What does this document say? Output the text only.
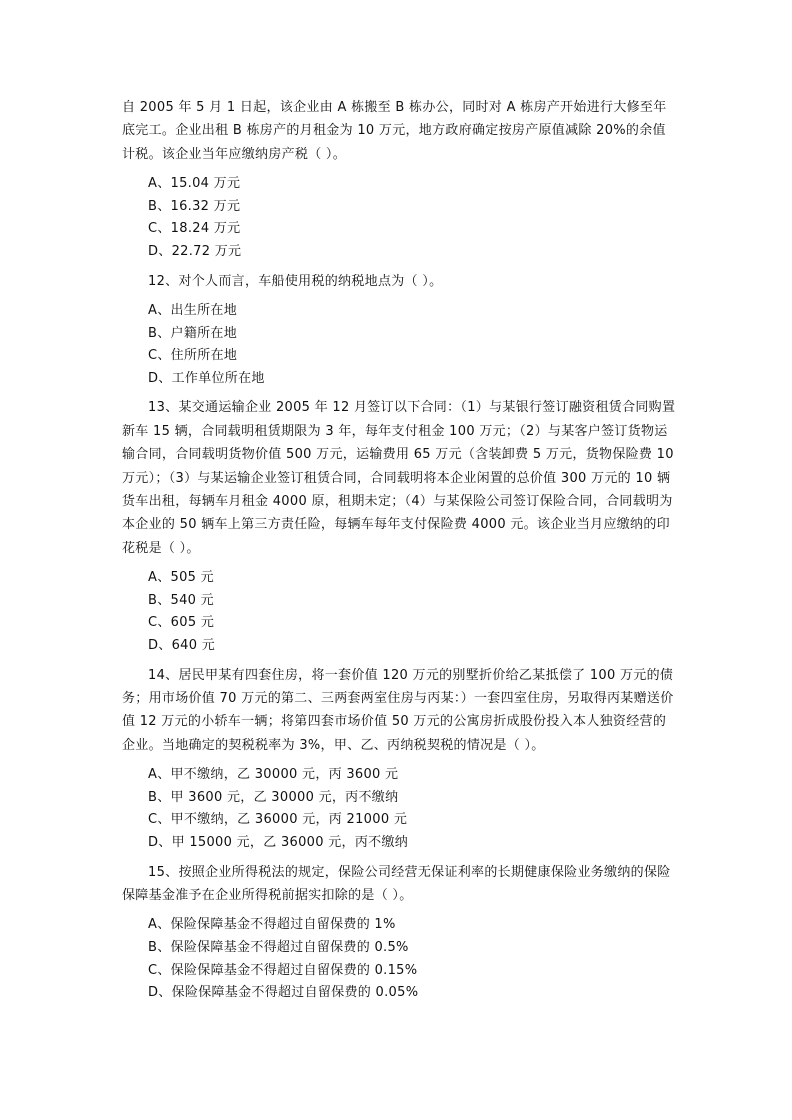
自 2005 年 5 月 1 日起，该企业由 A 栋搬至 B 栋办公，同时对 A 栋房产开始进行大修至年底完工。企业出租 B 栋房产的月租金为 10 万元，地方政府确定按房产原值减除 20%的余值计税。该企业当年应缴纳房产税（ ）。

A、15.04 万元

B、16.32 万元

C、18.24 万元

D、22.72 万元

12、对个人而言，车船使用税的纳税地点为（ ）。

A、出生所在地

B、户籍所在地

C、住所所在地

D、工作单位所在地

13、某交通运输企业 2005 年 12 月签订以下合同：（1）与某银行签订融资租赁合同购置新车 15 辆，合同载明租赁期限为 3 年，每年支付租金 100 万元；（2）与某客户签订货物运输合同，合同载明货物价值 500 万元，运输费用 65 万元（含装卸费 5 万元，货物保险费 10 万元）；（3）与某运输企业签订租赁合同，合同载明将本企业闲置的总价值 300 万元的 10 辆货车出租，每辆车月租金 4000 原，租期未定；（4）与某保险公司签订保险合同，合同载明为本企业的 50 辆车上第三方责任险，每辆车每年支付保险费 4000 元。该企业当月应缴纳的印花税是（ ）。

A、505 元

B、540 元

C、605 元

D、640 元

14、居民甲某有四套住房，将一套价值 120 万元的别墅折价给乙某抵偿了 100 万元的债务；用市场价值 70 万元的第二、三两套两室住房与丙某：）一套四室住房，另取得丙某赠送价值 12 万元的小轿车一辆；将第四套市场价值 50 万元的公寓房折成股份投入本人独资经营的企业。当地确定的契税税率为 3%，甲、乙、丙纳税契税的情况是（ ）。

A、甲不缴纳，乙 30000 元，丙 3600 元

B、甲 3600 元，乙 30000 元，丙不缴纳

C、甲不缴纳，乙 36000 元，丙 21000 元

D、甲 15000 元，乙 36000 元，丙不缴纳

15、按照企业所得税法的规定，保险公司经营无保证利率的长期健康保险业务缴纳的保险保障基金准予在企业所得税前据实扣除的是（ ）。

A、保险保障基金不得超过自留保费的 1%

B、保险保障基金不得超过自留保费的 0.5%

C、保险保障基金不得超过自留保费的 0.15%

D、保险保障基金不得超过自留保费的 0.05%
